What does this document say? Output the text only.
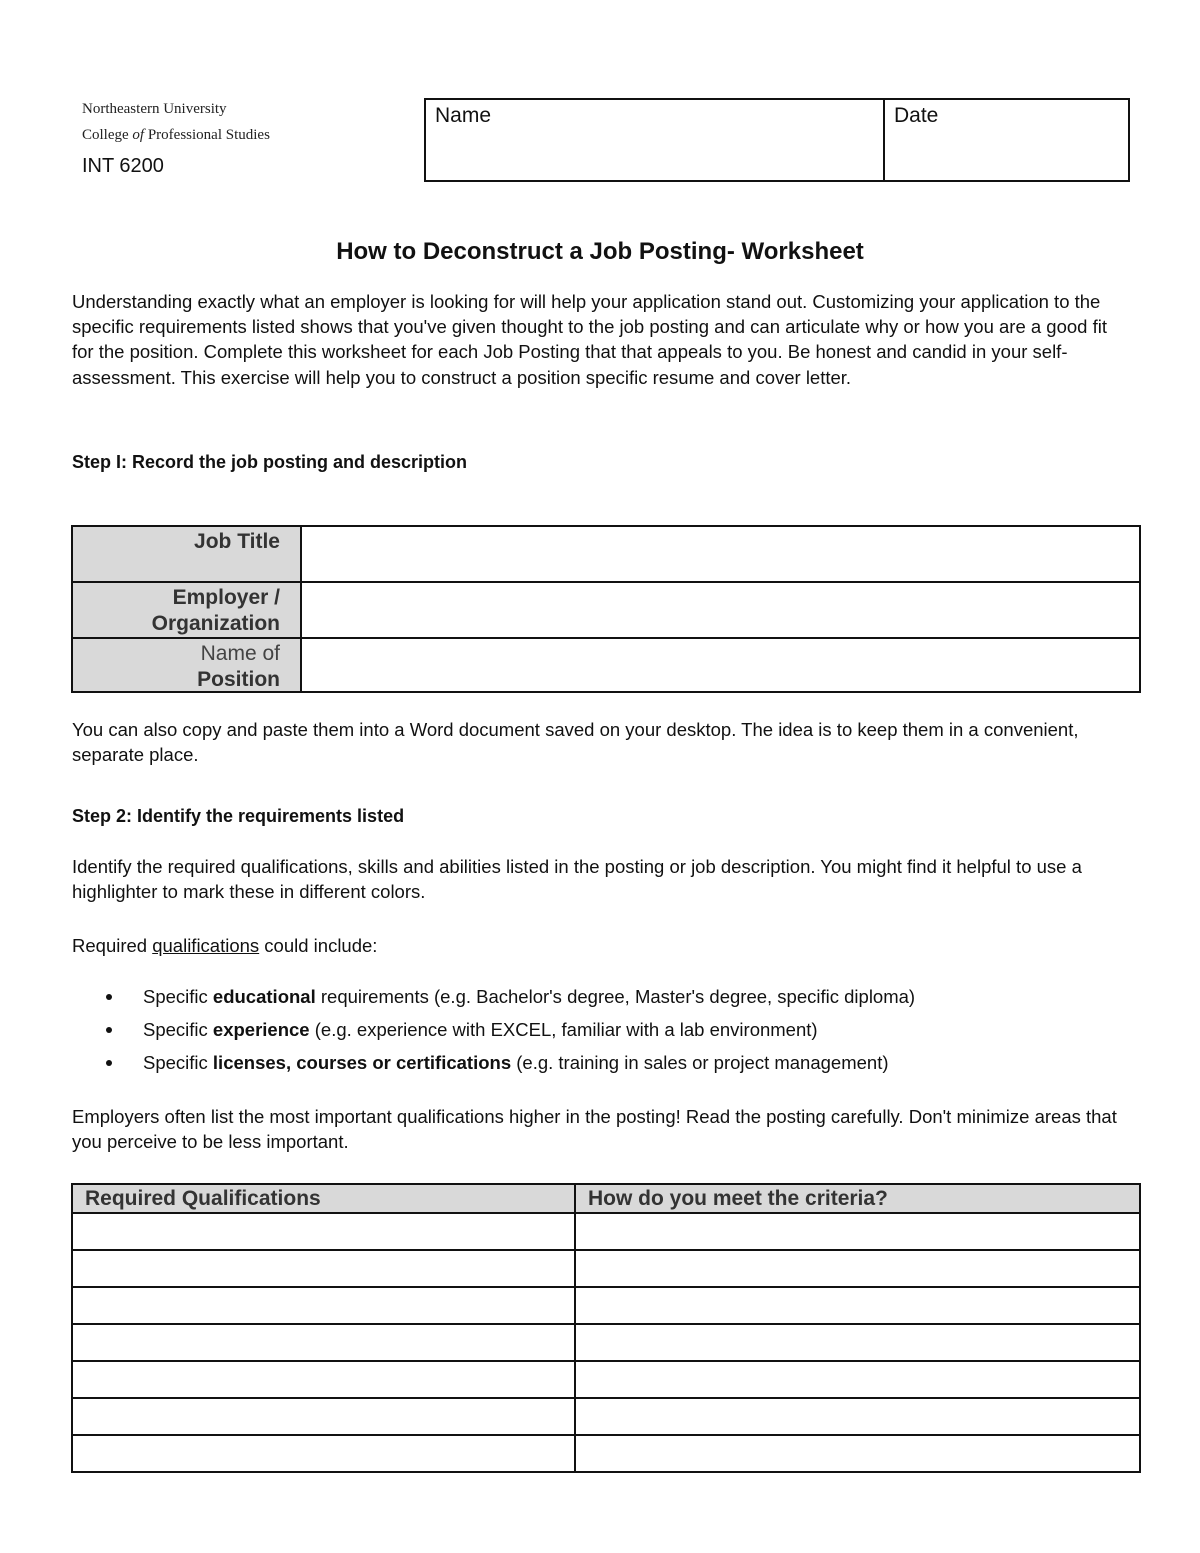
Northeastern University
College of Professional Studies
INT 6200
Name	Date
How to Deconstruct a Job Posting- Worksheet
Understanding exactly what an employer is looking for will help your application stand out. Customizing your application to the specific requirements listed shows that you've given thought to the job posting and can articulate why or how you are a good fit for the position. Complete this worksheet for each Job Posting that that appeals to you. Be honest and candid in your self-assessment. This exercise will help you to construct a position specific resume and cover letter.
Step I: Record the job posting and description
Job Title
Employer /
Organization
Name of
Position
You can also copy and paste them into a Word document saved on your desktop. The idea is to keep them in a convenient, separate place.
Step 2: Identify the requirements listed
Identify the required qualifications, skills and abilities listed in the posting or job description. You might find it helpful to use a highlighter to mark these in different colors.
Required qualifications could include:
Specific educational requirements (e.g. Bachelor's degree, Master's degree, specific diploma)
Specific experience (e.g. experience with EXCEL, familiar with a lab environment)
Specific licenses, courses or certifications (e.g. training in sales or project management)
Employers often list the most important qualifications higher in the posting! Read the posting carefully. Don't minimize areas that you perceive to be less important.
Required Qualifications	How do you meet the criteria?
